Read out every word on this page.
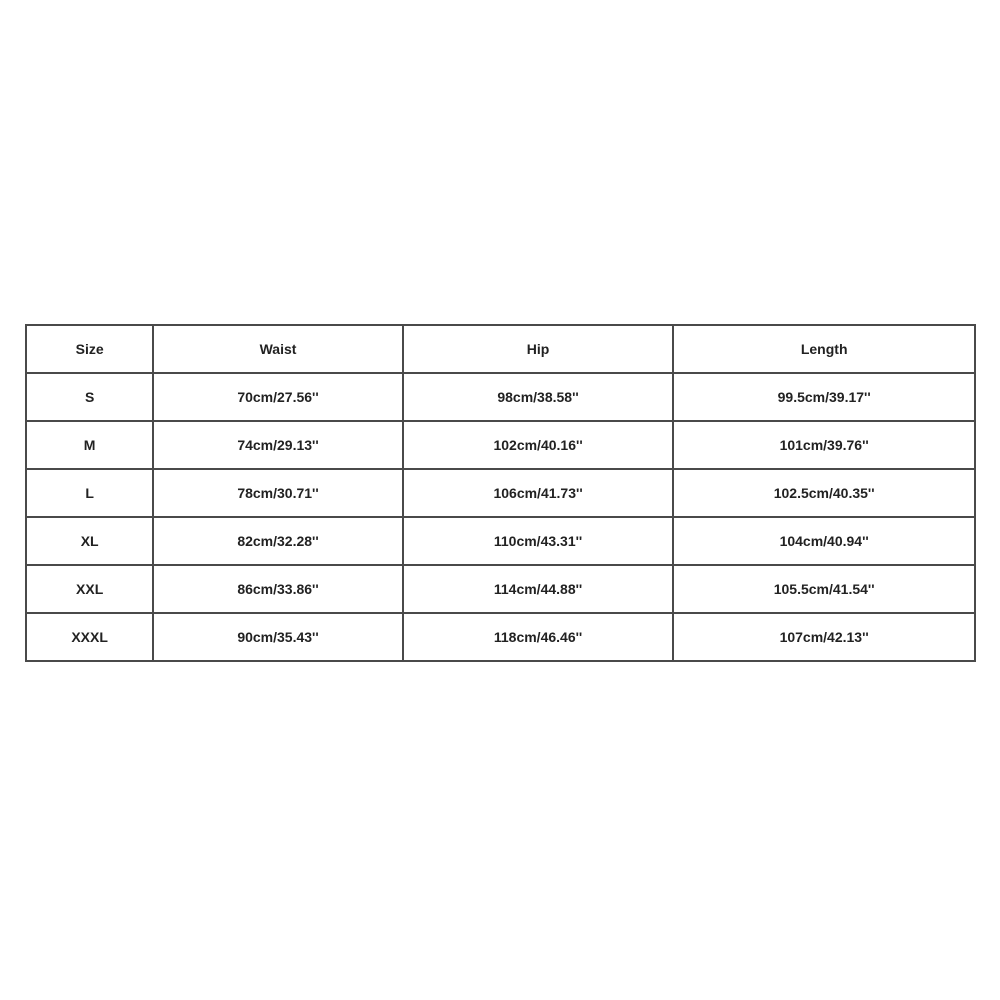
Size	Waist	Hip	Length
S	70cm/27.56''	98cm/38.58''	99.5cm/39.17''
M	74cm/29.13''	102cm/40.16''	101cm/39.76''
L	78cm/30.71''	106cm/41.73''	102.5cm/40.35''
XL	82cm/32.28''	110cm/43.31''	104cm/40.94''
XXL	86cm/33.86''	114cm/44.88''	105.5cm/41.54''
XXXL	90cm/35.43''	118cm/46.46''	107cm/42.13''
